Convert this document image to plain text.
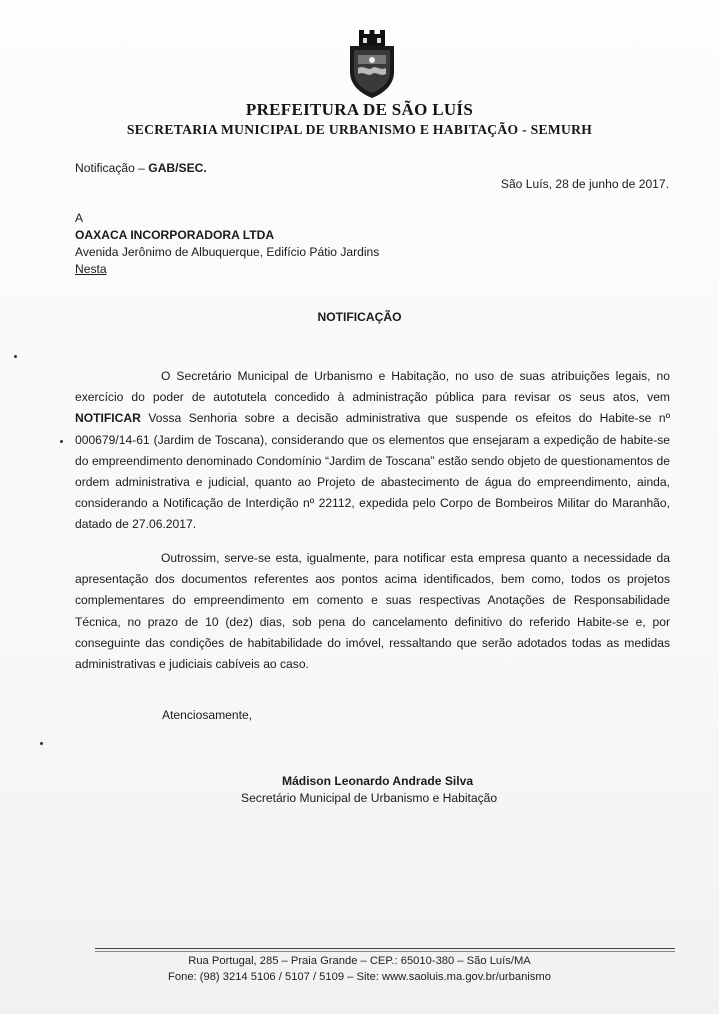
PREFEITURA DE SÃO LUÍS
SECRETARIA MUNICIPAL DE URBANISMO E HABITAÇÃO - SEMURH
Notificação – GAB/SEC.
São Luís, 28 de junho de 2017.
A
OAXACA INCORPORADORA LTDA
Avenida Jerônimo de Albuquerque, Edifício Pátio Jardins
Nesta
NOTIFICAÇÃO

O Secretário Municipal de Urbanismo e Habitação, no uso de suas atribuições legais, no exercício do poder de autotutela concedido à administração pública para revisar os seus atos, vem NOTIFICAR Vossa Senhoria sobre a decisão administrativa que suspende os efeitos do Habite-se nº 000679/14-61 (Jardim de Toscana), considerando que os elementos que ensejaram a expedição de habite-se do empreendimento denominado Condomínio “Jardim de Toscana” estão sendo objeto de questionamentos de ordem administrativa e judicial, quanto ao Projeto de abastecimento de água do empreendimento, ainda, considerando a Notificação de Interdição nº 22112, expedida pelo Corpo de Bombeiros Militar do Maranhão, datado de 27.06.2017.

Outrossim, serve-se esta, igualmente, para notificar esta empresa quanto a necessidade da apresentação dos documentos referentes aos pontos acima identificados, bem como, todos os projetos complementares do empreendimento em comento e suas respectivas Anotações de Responsabilidade Técnica, no prazo de 10 (dez) dias, sob pena do cancelamento definitivo do referido Habite-se e, por conseguinte das condições de habitabilidade do imóvel, ressaltando que serão adotados todas as medidas administrativas e judiciais cabíveis ao caso.

Atenciosamente,
Mádison Leonardo Andrade Silva
Secretário Municipal de Urbanismo e Habitação
Rua Portugal, 285 – Praia Grande – CEP.: 65010-380 – São Luís/MA
Fone: (98) 3214 5106 / 5107 / 5109 – Site: www.saoluis.ma.gov.br/urbanismo
